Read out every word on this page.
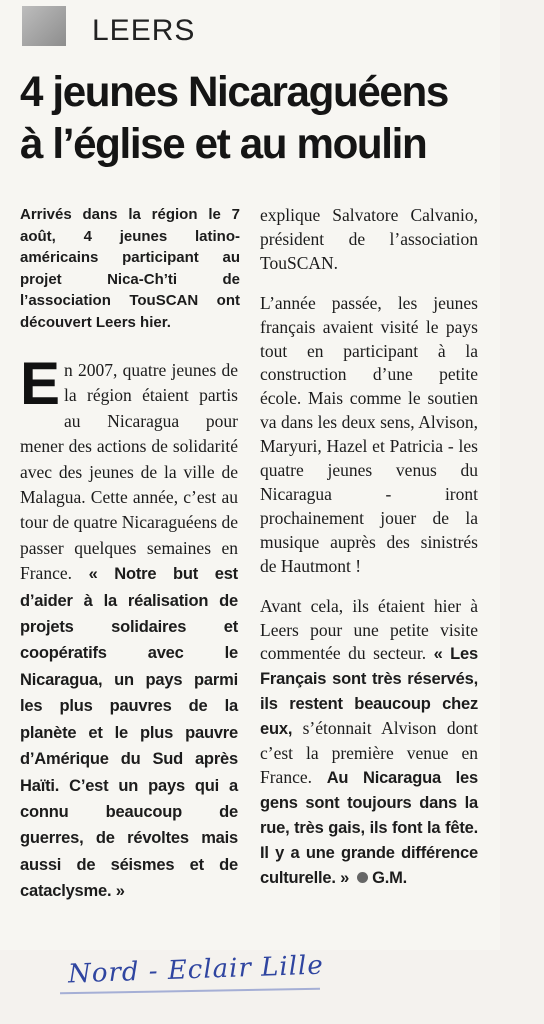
LEERS
4 jeunes Nicaraguéens
à l’église et au moulin
Arrivés dans la région le 7 août, 4 jeunes latino-américains participant au projet Nica-Ch’ti de l’association TouSCAN ont découvert Leers hier.
En 2007, quatre jeunes de la région étaient partis au Nicaragua pour mener des actions de solidarité avec des jeunes de la ville de Malagua. Cette année, c’est au tour de quatre Nicaraguéens de passer quelques semaines en France. « Notre but est d’aider à la réalisation de projets solidaires et coopératifs avec le Nicaragua, un pays parmi les plus pauvres de la planète et le plus pauvre d’Amérique du Sud après Haïti. C’est un pays qui a connu beaucoup de guerres, de révoltes mais aussi de séismes et de cataclysme. »

explique Salvatore Calvanio, président de l’association TouSCAN.

L’année passée, les jeunes français avaient visité le pays tout en participant à la construction d’une petite école. Mais comme le soutien va dans les deux sens, Alvison, Maryuri, Hazel et Patricia - les quatre jeunes venus du Nicaragua - iront prochainement jouer de la musique auprès des sinistrés de Hautmont !

Avant cela, ils étaient hier à Leers pour une petite visite commentée du secteur. « Les Français sont très réservés, ils restent beaucoup chez eux, s’étonnait Alvison dont c’est la première venue en France. Au Nicaragua les gens sont toujours dans la rue, très gais, ils font la fête. Il y a une grande différence culturelle. » G.M.

Nord - Eclair Lille
